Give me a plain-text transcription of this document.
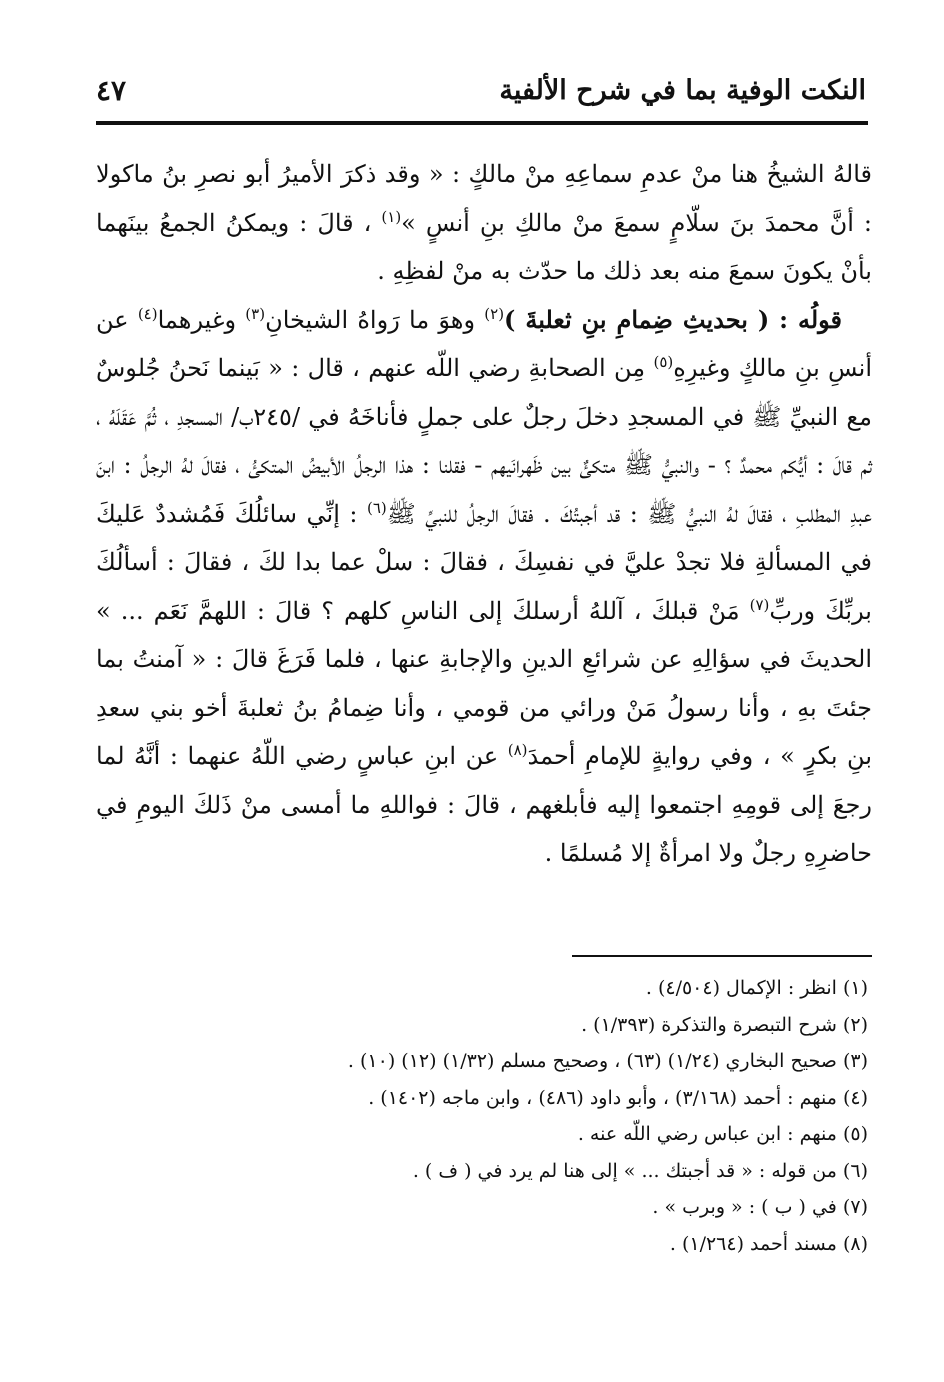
النكت الوفية بما في شرح الألفية
٤٧

قالهُ الشيخُ هنا منْ عدمِ سماعِهِ منْ مالكٍ : « وقد ذكرَ الأميرُ أبو نصرِ بنُ ماكولا : أنَّ محمدَ بنَ سلّامٍ سمعَ منْ مالكِ بنِ أنسٍ »$^{(١)}$ ، قالَ : ويمكنُ الجمعُ بينَهما بأنْ يكونَ سمعَ منه بعد ذلك ما حدّث به منْ لفظِهِ .

قولُه : ( بحديثِ ضِمامِ بنِ ثعلبةَ )$^{(٢)}$ وهوَ ما رَواهُ الشيخانِ$^{(٣)}$ وغيرهما$^{(٤)}$ عن أنسِ بنِ مالكٍ وغيرِهِ$^{(٥)}$ مِن الصحابةِ رضي اللّه عنهم ، قال : « بَينما نَحنُ جُلوسٌ مع النبيِّ ﷺ في المسجدِ دخلَ رجلٌ على جملٍ فأناخَهُ في /٢٤٥ب/ المسجدِ ، ثُمَّ عَقَلَهُ ، ثم قالَ : أيُّكم محمدٌ ؟ - والنبيُّ ﷺ متكئٌ بين ظَهرانَيهم - فقلنا : هذا الرجلُ الأبيضُ المتكئُ ، فقالَ لهُ الرجلُ : ابنَ عبدِ المطلبِ ، فقالَ لهُ النبيُّ ﷺ : قد أجبتُكَ . فقالَ الرجلُ للنبيِّ ﷺ$^{(٦)}$ : إنِّي سائلُكَ فَمُشددٌ عَليكَ في المسألةِ فلا تجدْ عليَّ في نفسِكَ ، فقالَ : سلْ عما بدا لكَ ، فقالَ : أسألُكَ بربِّكَ وربِّ$^{(٧)}$ مَنْ قبلكَ ، آللهُ أرسلكَ إلى الناسِ كلهم ؟ قالَ : اللهمَّ نَعَم ... » الحديثَ في سؤالِهِ عن شرائعِ الدينِ والإجابةِ عنها ، فلما فَرَغَ قالَ : « آمنتُ بما جئتَ بهِ ، وأنا رسولُ مَنْ ورائي من قومي ، وأنا ضِمامُ بنُ ثعلبةَ أخو بني سعدِ بنِ بكرٍ » ، وفي روايةٍ للإمامِ أحمدَ$^{(٨)}$ عن ابنِ عباسٍ رضي اللّهُ عنهما : أنَّهُ لما رجعَ إلى قومِهِ اجتمعوا إليه فأبلغهم ، قالَ : فواللهِ ما أمسى منْ ذَلكَ اليومِ في حاضرِهِ رجلٌ ولا امرأةٌ إلا مُسلمًا .

(١) انظر : الإكمال (٤/٥٠٤) .

(٢) شرح التبصرة والتذكرة (١/٣٩٣) .

(٣) صحيح البخاري (١/٢٤) (٦٣) ، وصحيح مسلم (١/٣٢) (١٢) (١٠) .

(٤) منهم : أحمد (٣/١٦٨) ، وأبو داود (٤٨٦) ، وابن ماجه (١٤٠٢) .

(٥) منهم : ابن عباس رضي اللّه عنه .

(٦) من قوله : « قد أجبتك ... » إلى هنا لم يرد في ( ف ) .

(٧) في ( ب ) : « وبرب » .

(٨) مسند أحمد (١/٢٦٤) .
